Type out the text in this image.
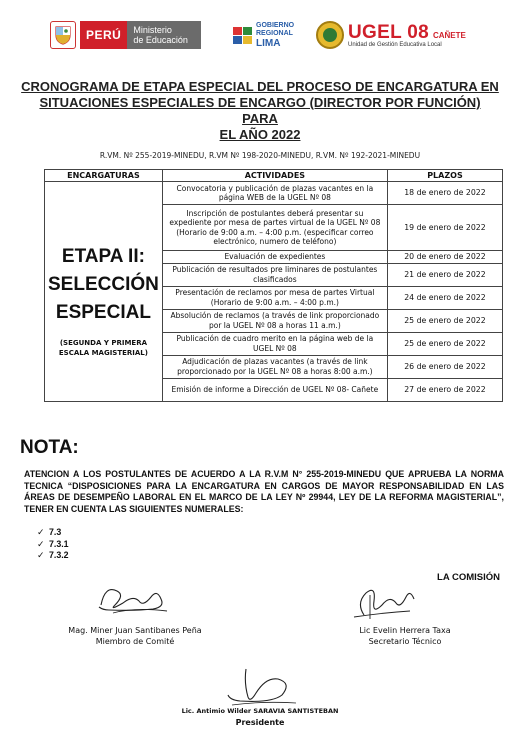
PERÚ	Ministerio
de Educación
GOBIERNO
REGIONAL
LIMA	UGEL 08 CAÑETE
Unidad de Gestión Educativa Local
CRONOGRAMA DE ETAPA ESPECIAL DEL PROCESO DE ENCARGATURA EN
SITUACIONES ESPECIALES DE ENCARGO (DIRECTOR POR FUNCIÓN) PARA
EL AÑO 2022
R.VM. Nº 255-2019-MINEDU, R.VM Nº 198-2020-MINEDU, R.VM. Nº 192-2021-MINEDU
ENCARGATURAS	ACTIVIDADES	PLAZOS

ETAPA II:
SELECCIÓN
ESPECIAL
(SEGUNDA Y PRIMERA ESCALA MAGISTERIAL)	Convocatoria y publicación de plazas vacantes en la página WEB de la UGEL Nº 08	18 de enero de 2022
	Inscripción de postulantes deberá presentar su expediente por mesa de partes virtual de la UGEL Nº 08 (Horario de 9:00 a.m. – 4:00 p.m. (especificar correo electrónico, numero de teléfono)	19 de enero de 2022
	Evaluación de expedientes	20 de enero de 2022
	Publicación de resultados pre liminares de postulantes clasificados	21 de enero de 2022
	Presentación de reclamos por mesa de partes Virtual (Horario de 9:00 a.m. – 4:00 p.m.)	24 de enero de 2022
	Absolución de reclamos (a través de link proporcionado por la UGEL Nº 08 a horas 11 a.m.)	25 de enero de 2022
	Publicación de cuadro merito en la página web de la UGEL Nº 08	25 de enero de 2022
	Adjudicación de plazas vacantes (a través de link proporcionado por la UGEL Nº 08 a horas 8:00 a.m.)	26 de enero de 2022
	Emisión de informe a Dirección de UGEL Nº 08- Cañete	27 de enero de 2022
NOTA:
ATENCION A LOS POSTULANTES DE ACUERDO A LA R.V.M N° 255-2019-MINEDU QUE APRUEBA LA NORMA TECNICA “DISPOSICIONES PARA LA ENCARGATURA EN CARGOS DE MAYOR RESPONSABILIDAD EN LAS ÁREAS DE DESEMPEÑO LABORAL EN EL MARCO DE LA LEY Nº 29944, LEY DE LA REFORMA MAGISTERIAL”, TENER EN CUENTA LAS SIGUIENTES NUMERALES:
✓ 7.3
✓ 7.3.1
✓ 7.3.2
LA COMISIÓN
Mag. Miner Juan Santibanes Peña
Miembro de Comité
Lic Evelin Herrera Taxa
Secretario Técnico
Lic. Antimio Wilder SARAVIA SANTISTEBAN
Presidente
